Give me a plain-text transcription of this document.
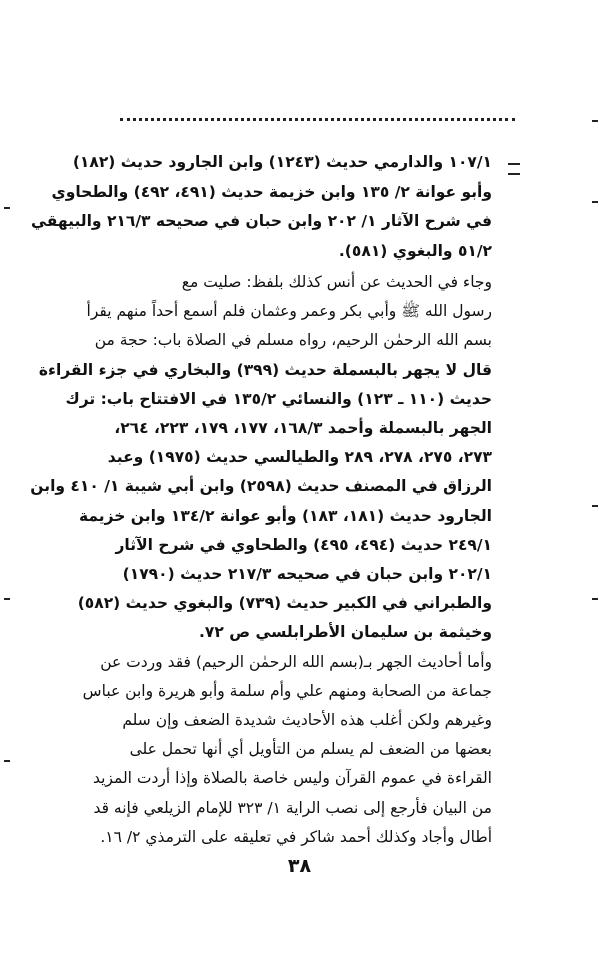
١٠٧/١ والدارمي حديث (١٢٤٣) وابن الجارود حديث (١٨٢)
وأبو عوانة ٢/ ١٣٥ وابن خزيمة حديث (٤٩١، ٤٩٢) والطحاوي
في شرح الآثار ١/ ٢٠٢ وابن حبان في صحيحه ٢١٦/٣ والبيهقي
٥١/٢ والبغوي (٥٨١).
وجاء في الحديث عن أنس كذلك بلفظ: صليت مع
رسول الله ﷺ وأبي بكر وعمر وعثمان فلم أسمع أحداً منهم يقرأ
بسم الله الرحمٰن الرحيم، رواه مسلم في الصلاة باب: حجة من
قال لا يجهر بالبسملة حديث (٣٩٩) والبخاري في جزء القراءة
حديث (١١٠ ـ ١٢٣) والنسائي ١٣٥/٢ في الافتتاح باب: ترك
الجهر بالبسملة وأحمد ١٦٨/٣، ١٧٧، ١٧٩، ٢٢٣، ٢٦٤،
٢٧٣، ٢٧٥، ٢٧٨، ٢٨٩ والطيالسي حديث (١٩٧٥) وعبد
الرزاق في المصنف حديث (٢٥٩٨) وابن أبي شيبة ١/ ٤١٠ وابن
الجارود حديث (١٨١، ١٨٣) وأبو عوانة ١٣٤/٢ وابن خزيمة
٢٤٩/١ حديث (٤٩٤، ٤٩٥) والطحاوي في شرح الآثار
٢٠٢/١ وابن حبان في صحيحه ٢١٧/٣ حديث (١٧٩٠)
والطبراني في الكبير حديث (٧٣٩) والبغوي حديث (٥٨٢)
وخيثمة بن سليمان الأطرابلسي ص ٧٢.
وأما أحاديث الجهر بـ(بسم الله الرحمٰن الرحيم) فقد وردت عن
جماعة من الصحابة ومنهم علي وأم سلمة وأبو هريرة وابن عباس
وغيرهم ولكن أغلب هذه الأحاديث شديدة الضعف وإن سلم
بعضها من الضعف لم يسلم من التأويل أي أنها تحمل على
القراءة في عموم القرآن وليس خاصة بالصلاة وإذا أردت المزيد
من البيان فأرجع إلى نصب الراية ١/ ٣٢٣ للإمام الزيلعي فإنه قد
أطال وأجاد وكذلك أحمد شاكر في تعليقه على الترمذي ٢/ ١٦.
٣٨
